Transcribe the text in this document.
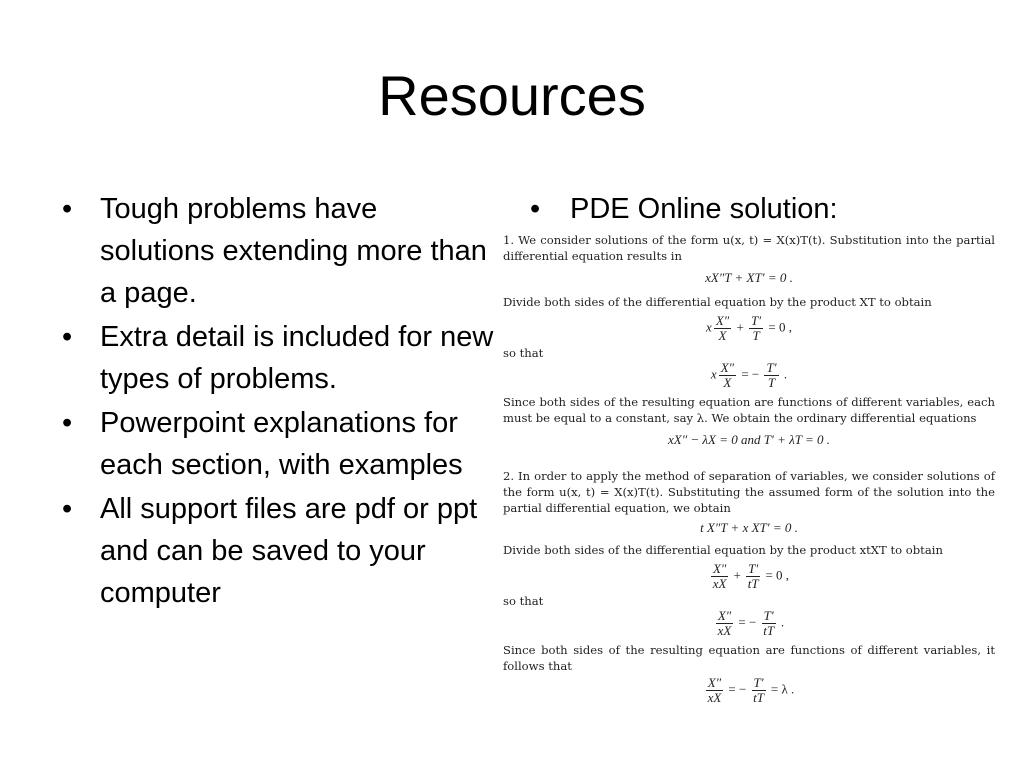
Resources
• Tough problems have solutions extending more than a page.
• Extra detail is included for new types of problems.
• Powerpoint explanations for each section, with examples
• All support files are pdf or ppt and can be saved to your computer
• PDE Online solution:

1. We consider solutions of the form u(x, t) = X(x)T(t). Substitution into the partial differential equation results in

xX″T + XT′ = 0 .

Divide both sides of the differential equation by the product XT to obtain

x $\frac{X''}{X} + \frac{T'}{T} = 0$ ,

so that

x $\frac{X''}{X}$ = − $\frac{T'}{T}$ .

Since both sides of the resulting equation are functions of different variables, each must be equal to a constant, say λ. We obtain the ordinary differential equations

xX″ − λX = 0 and T′ + λT = 0 .

2. In order to apply the method of separation of variables, we consider solutions of the form u(x, t) = X(x)T(t). Substituting the assumed form of the solution into the partial differential equation, we obtain

t X″T + x XT′ = 0 .

Divide both sides of the differential equation by the product xtXT to obtain

$\frac{X''}{xX} + \frac{T'}{tT} = 0$ ,

so that

$\frac{X''}{xX}$ = − $\frac{T'}{tT}$ .

Since both sides of the resulting equation are functions of different variables, it follows that

$\frac{X''}{xX}$ = − $\frac{T'}{tT} = \lambda$ .
